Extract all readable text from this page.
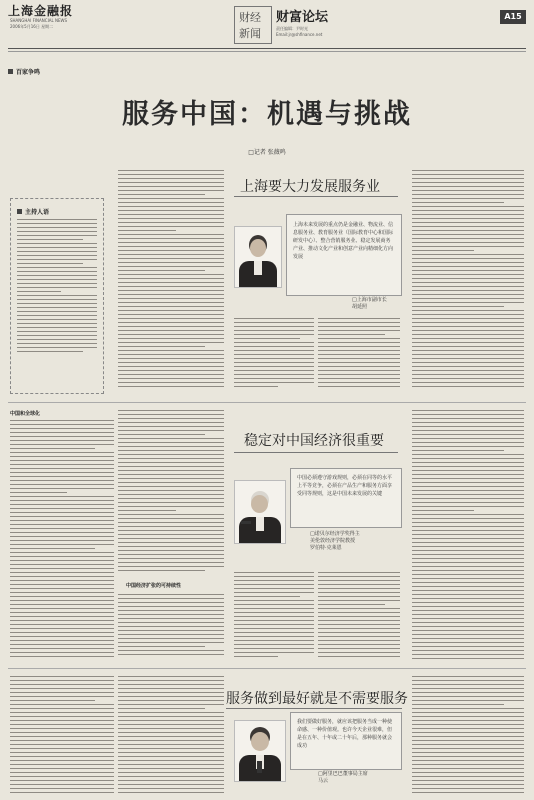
上海金融报
SHANGHAI FINANCIAL NEWS
2006年5月16日 星期二
财经
新闻
财富论坛
责任编辑：尹时光
Email:jr@shfinance.net
A15
百家争鸣
服务中国：机遇与挑战
□记者 张薇鸣
主持人语
上海要大力发展服务业
上海未来发展的重点仍是金融业、物流业、信息服务业、教育服务业（国际教育中心和国际研发中心）、整合营销服务业、稳定发展商务产业、推动文化产业和创意产业向精细化方向发展
□上海市副市长
胡延照
中国和全球化
中国经济扩张的可持续性
稳定对中国经济很重要
中国必须遵守游戏规则，必须在同等的水平上平等竞争，必须在产品生产和服务方面享受同等规则，这是中国未来发展的关键
□诺贝尔经济学奖得主
美伦敦经济学院教授
罗伯特·克莱恩
服务做到最好就是不需要服务
我们要做好服务，就应该把服务当成一种使命感、一种价值观。也许今天企业很难，但是在五年、十年或二十年后，那种服务就会成功
□阿里巴巴董事局主席
马云
